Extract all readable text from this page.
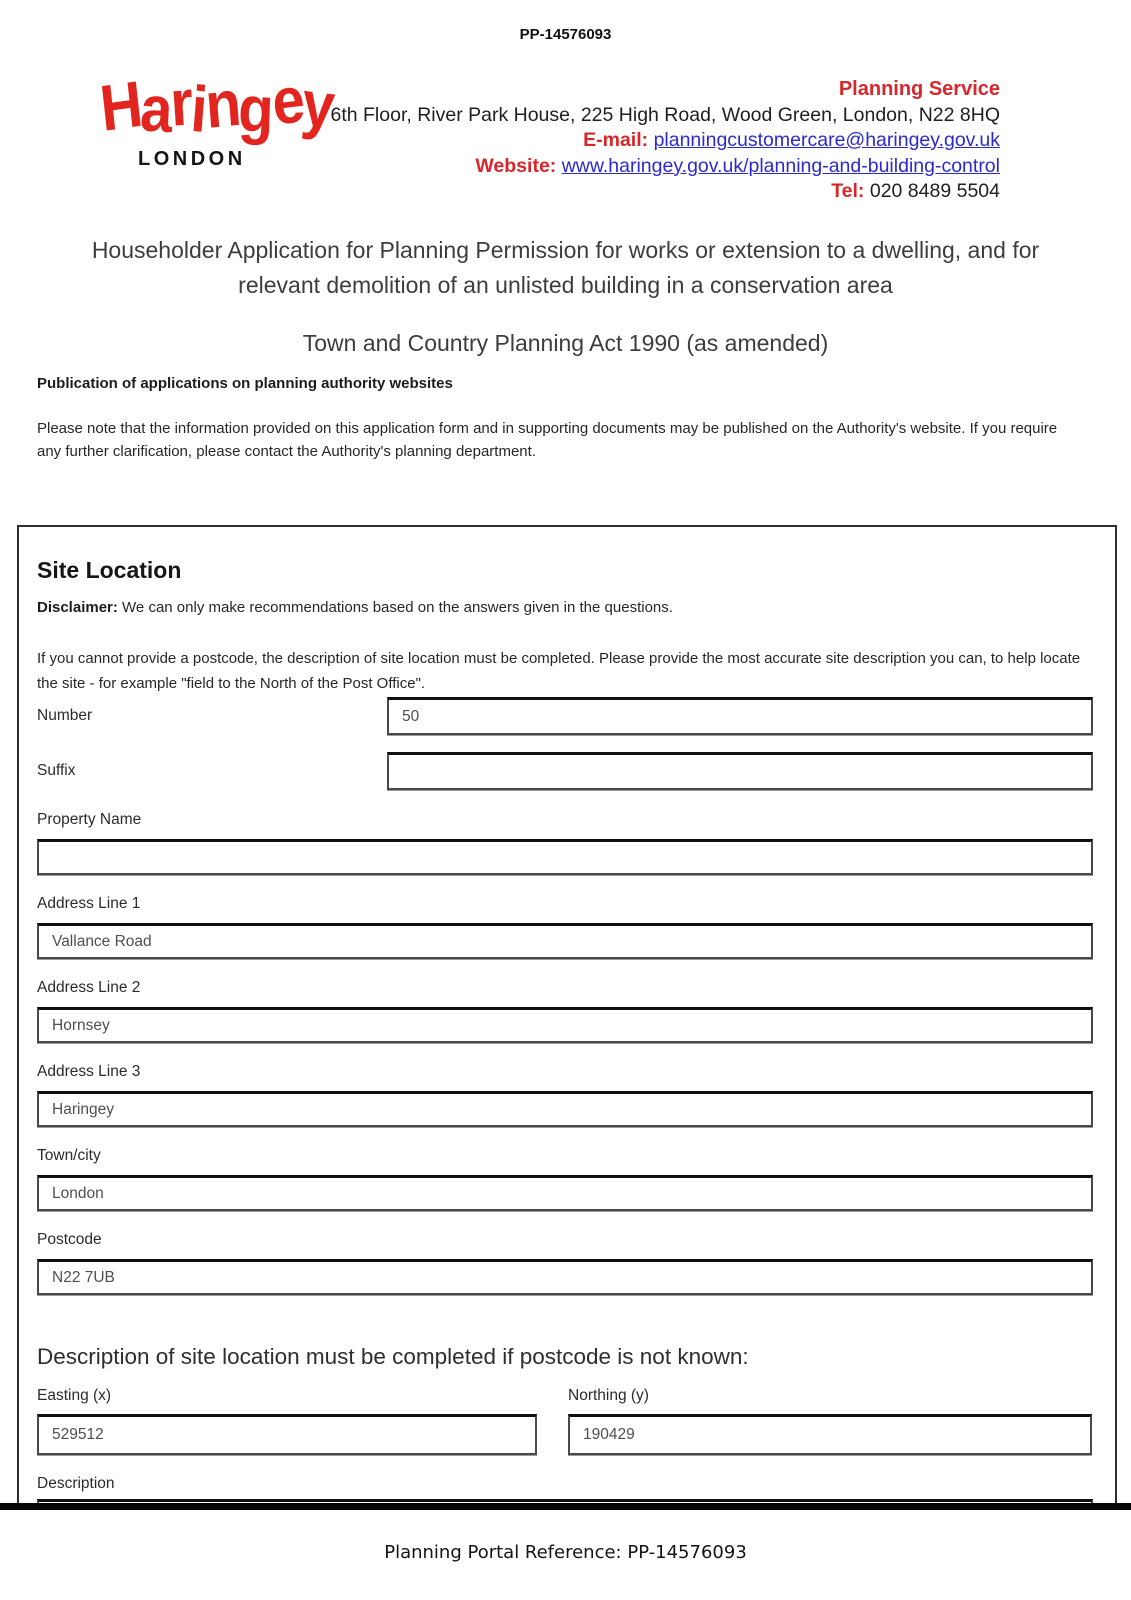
PP-14576093
Haringey
LONDON
Planning Service
6th Floor, River Park House, 225 High Road, Wood Green, London, N22 8HQ
E-mail: planningcustomercare@haringey.gov.uk
Website: www.haringey.gov.uk/planning-and-building-control
Tel: 020 8489 5504
Householder Application for Planning Permission for works or extension to a dwelling, and for relevant demolition of an unlisted building in a conservation area
Town and Country Planning Act 1990 (as amended)
Publication of applications on planning authority websites
Please note that the information provided on this application form and in supporting documents may be published on the Authority's website. If you require any further clarification, please contact the Authority's planning department.
Site Location

Disclaimer: We can only make recommendations based on the answers given in the questions.

If you cannot provide a postcode, the description of site location must be completed. Please provide the most accurate site description you can, to help locate the site - for example "field to the North of the Post Office".

Number
50
Suffix
Property Name
Address Line 1
Vallance Road
Address Line 2
Hornsey
Address Line 3
Haringey
Town/city
London
Postcode
N22 7UB
Description of site location must be completed if postcode is not known:
Easting (x)
529512	Northing (y)
190429
Description
Planning Portal Reference: PP-14576093
